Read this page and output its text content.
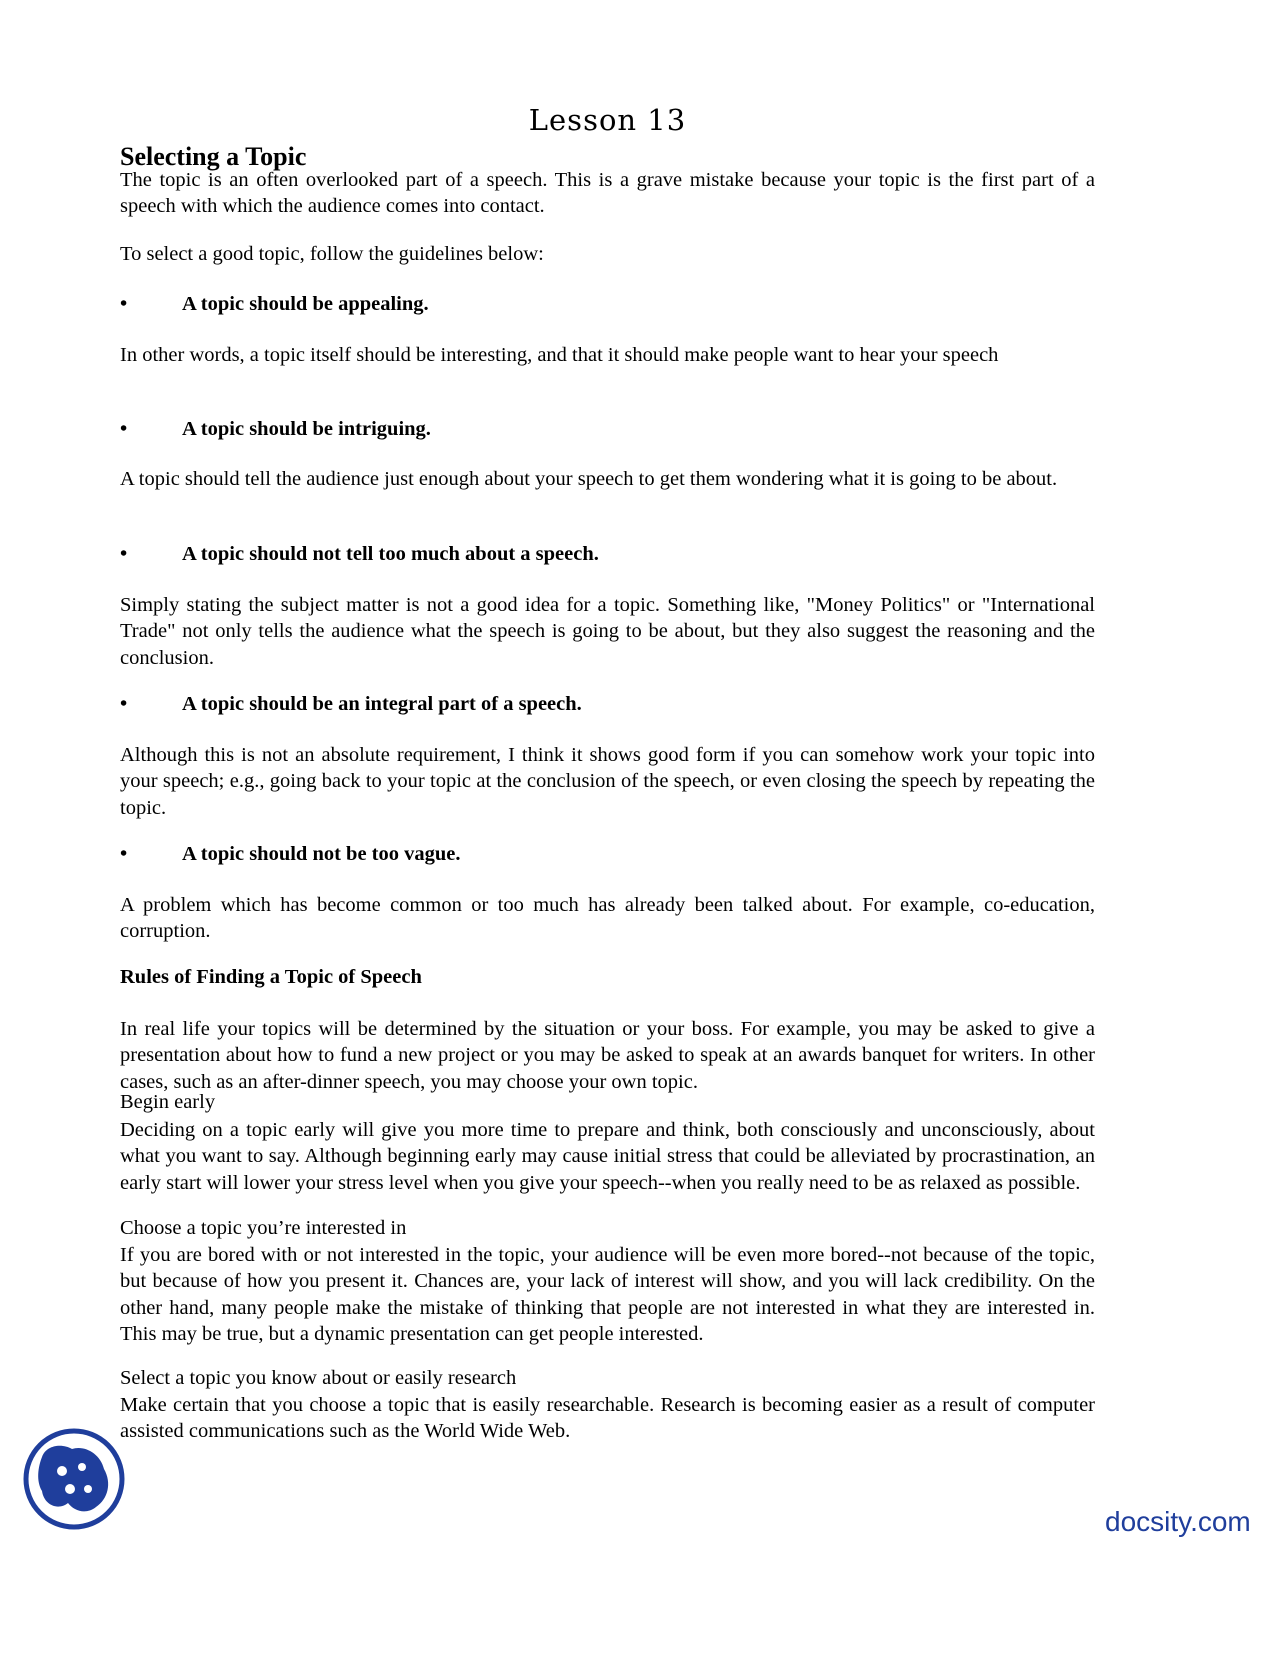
Lesson 13
Selecting a Topic
The topic is an often overlooked part of a speech. This is a grave mistake because your topic is the first part of a speech with which the audience comes into contact.
To select a good topic, follow the guidelines below:
•	A topic should be appealing.
In other words, a topic itself should be interesting, and that it should make people want to hear your speech
•	A topic should be intriguing.
A topic should tell the audience just enough about your speech to get them wondering what it is going to be about.
•	A topic should not tell too much about a speech.
Simply stating the subject matter is not a good idea for a topic. Something like, "Money Politics" or "International Trade" not only tells the audience what the speech is going to be about, but they also suggest the reasoning and the conclusion.
•	A topic should be an integral part of a speech.
Although this is not an absolute requirement, I think it shows good form if you can somehow work your topic into your speech; e.g., going back to your topic at the conclusion of the speech, or even closing the speech by repeating the topic.
•	A topic should not be too vague.
A problem which has become common or too much has already been talked about. For example, co-education, corruption.
Rules of Finding a Topic of Speech
In real life your topics will be determined by the situation or your boss. For example, you may be asked to give a presentation about how to fund a new project or you may be asked to speak at an awards banquet for writers. In other cases, such as an after-dinner speech, you may choose your own topic.
Begin early
Deciding on a topic early will give you more time to prepare and think, both consciously and unconsciously, about what you want to say. Although beginning early may cause initial stress that could be alleviated by procrastination, an early start will lower your stress level when you give your speech--when you really need to be as relaxed as possible.
Choose a topic you’re interested in
If you are bored with or not interested in the topic, your audience will be even more bored--not because of the topic, but because of how you present it. Chances are, your lack of interest will show, and you will lack credibility. On the other hand, many people make the mistake of thinking that people are not interested in what they are interested in. This may be true, but a dynamic presentation can get people interested.
Select a topic you know about or easily research
Make certain that you choose a topic that is easily researchable. Research is becoming easier as a result of computer assisted communications such as the World Wide Web.
docsity.com
